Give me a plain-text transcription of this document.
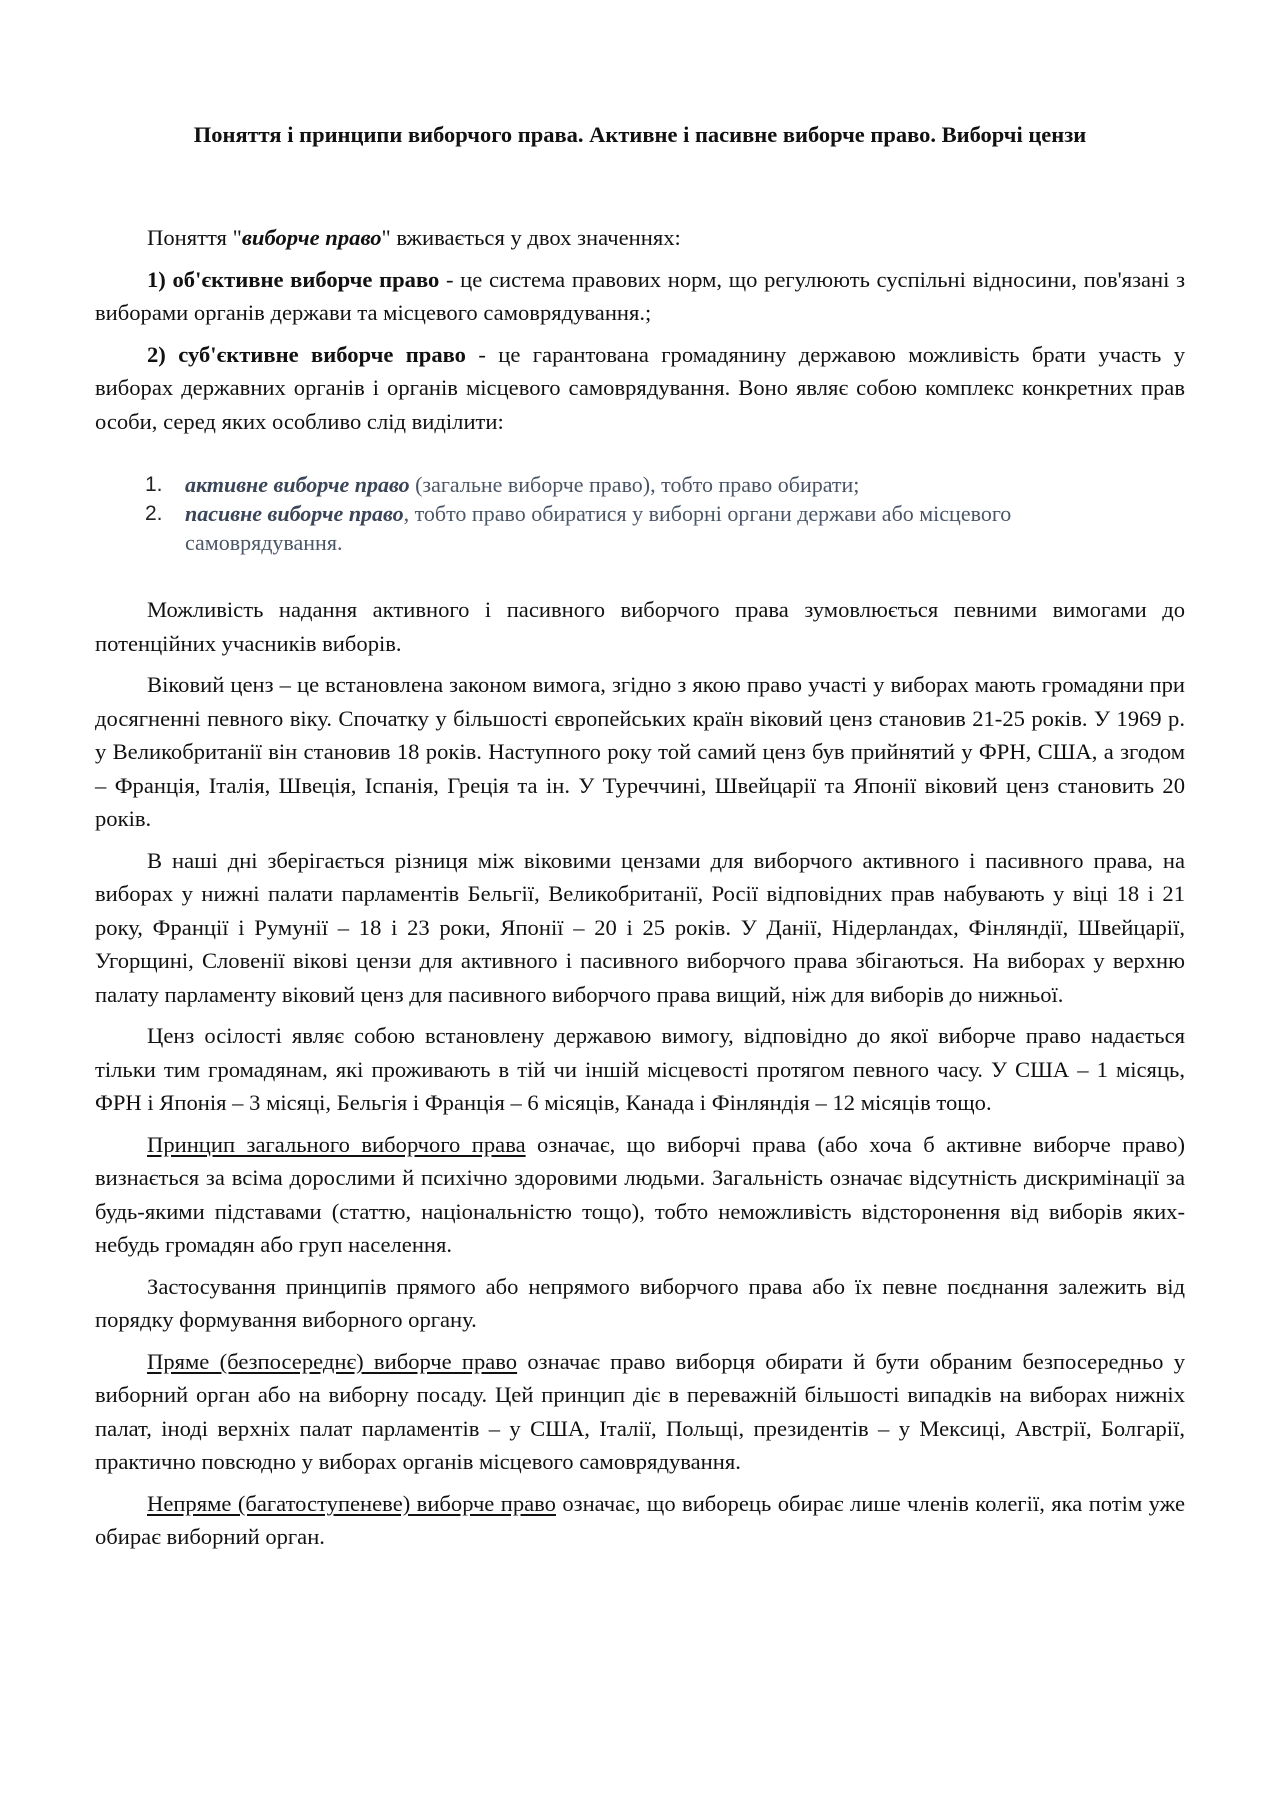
Поняття і принципи виборчого права. Активне і пасивне виборче право. Виборчі цензи

Поняття "виборче право" вживається у двох значеннях:

1) об'єктивне виборче право - це система правових норм, що регулюють суспільні відносини, пов'язані з виборами органів держави та місцевого самоврядування.;

2) суб'єктивне виборче право - це гарантована громадянину державою можливість брати участь у виборах державних органів і органів місцевого самоврядування. Воно являє собою комплекс конкретних прав особи, серед яких особливо слід виділити:

1. активне виборче право (загальне виборче право), тобто право обирати;
2. пасивне виборче право, тобто право обиратися у виборні органи держави або місцевого самоврядування.

Можливість надання активного і пасивного виборчого права зумовлюється певними вимогами до потенційних учасників виборів.

Віковий ценз – це встановлена законом вимога, згідно з якою право участі у виборах мають громадяни при досягненні певного віку. Спочатку у більшості європейських країн віковий ценз становив 21-25 років. У 1969 р. у Великобританії він становив 18 років. Наступного року той самий ценз був прийнятий у ФРН, США, а згодом – Франція, Італія, Швеція, Іспанія, Греція та ін. У Туреччині, Швейцарії та Японії віковий ценз становить 20 років.

В наші дні зберігається різниця між віковими цензами для виборчого активного і пасивного права, на виборах у нижні палати парламентів Бельгії, Великобританії, Росії відповідних прав набувають у віці 18 і 21 року, Франції і Румунії – 18 і 23 роки, Японії – 20 і 25 років. У Данії, Нідерландах, Фінляндії, Швейцарії, Угорщині, Словенії вікові цензи для активного і пасивного виборчого права збігаються. На виборах у верхню палату парламенту віковий ценз для пасивного виборчого права вищий, ніж для виборів до нижньої.

Ценз осілості являє собою встановлену державою вимогу, відповідно до якої виборче право надається тільки тим громадянам, які проживають в тій чи іншій місцевості протягом певного часу. У США – 1 місяць, ФРН і Японія – 3 місяці, Бельгія і Франція – 6 місяців, Канада і Фінляндія – 12 місяців тощо.

Принцип загального виборчого права означає, що виборчі права (або хоча б активне виборче право) визнається за всіма дорослими й психічно здоровими людьми. Загальність означає відсутність дискримінації за будь-якими підставами (статтю, національністю тощо), тобто неможливість відсторонення від виборів яких-небудь громадян або груп населення.

Застосування принципів прямого або непрямого виборчого права або їх певне поєднання залежить від порядку формування виборного органу.

Пряме (безпосереднє) виборче право означає право виборця обирати й бути обраним безпосередньо у виборний орган або на виборну посаду. Цей принцип діє в переважній більшості випадків на виборах нижніх палат, іноді верхніх палат парламентів – у США, Італії, Польщі, президентів – у Мексиці, Австрії, Болгарії, практично повсюдно у виборах органів місцевого самоврядування.

Непряме (багатоступеневе) виборче право означає, що виборець обирає лише членів колегії, яка потім уже обирає виборний орган.
